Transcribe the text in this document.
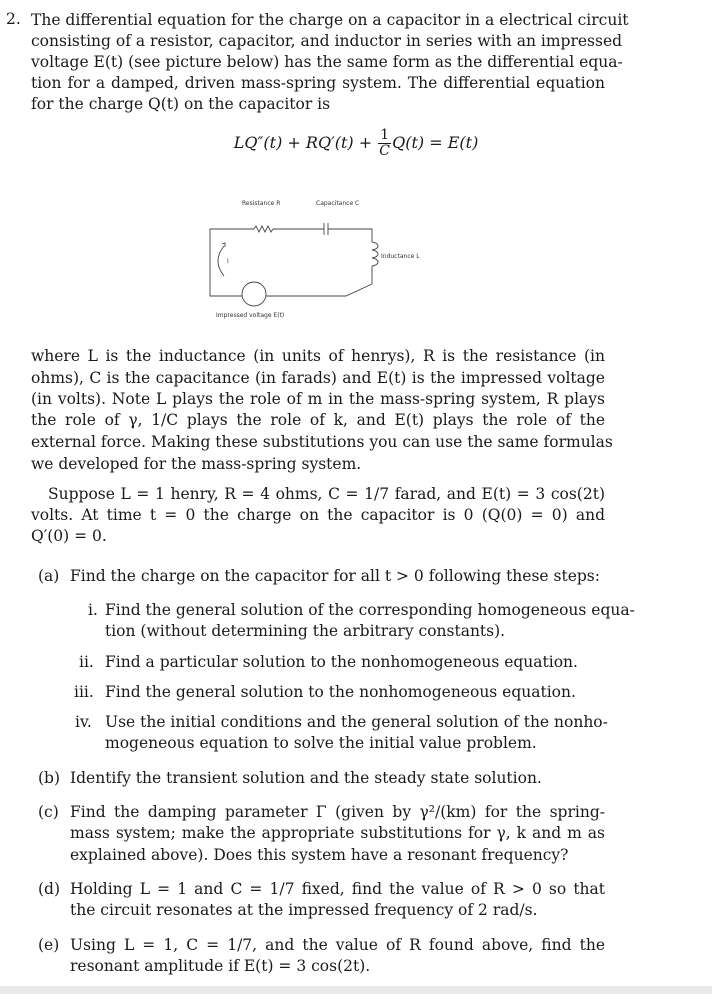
2. The differential equation for the charge on a capacitor in a electrical circuit
consisting of a resistor, capacitor, and inductor in series with an impressed
voltage E(t) (see picture below) has the same form as the differential equa-
tion for a damped, driven mass-spring system. The differential equation
for the charge Q(t) on the capacitor is
$LQ''(t) + RQ'(t) + \frac{1}{C} Q(t) = E(t)$
Resistance R	Capacitance C
Inductance L
I
Impressed voltage E(t)
where L is the inductance (in units of henrys), R is the resistance (in
ohms), C is the capacitance (in farads) and E(t) is the impressed voltage
(in volts). Note L plays the role of m in the mass-spring system, R plays
the role of γ, 1/C plays the role of k, and E(t) plays the role of the
external force. Making these substitutions you can use the same formulas
we developed for the mass-spring system.
Suppose L = 1 henry, R = 4 ohms, C = 1/7 farad, and E(t) = 3 cos(2t)
volts. At time t = 0 the charge on the capacitor is 0 (Q(0) = 0) and
Q′(0) = 0.
(a) Find the charge on the capacitor for all t > 0 following these steps:
i. Find the general solution of the corresponding homogeneous equa-
tion (without determining the arbitrary constants).
ii. Find a particular solution to the nonhomogeneous equation.
iii. Find the general solution to the nonhomogeneous equation.
iv. Use the initial conditions and the general solution of the nonho-
mogeneous equation to solve the initial value problem.
(b) Identify the transient solution and the steady state solution.
(c) Find the damping parameter Γ (given by γ²/(km) for the spring-
mass system; make the appropriate substitutions for γ, k and m as
explained above). Does this system have a resonant frequency?
(d) Holding L = 1 and C = 1/7 fixed, find the value of R > 0 so that
the circuit resonates at the impressed frequency of 2 rad/s.
(e) Using L = 1, C = 1/7, and the value of R found above, find the
resonant amplitude if E(t) = 3 cos(2t).
